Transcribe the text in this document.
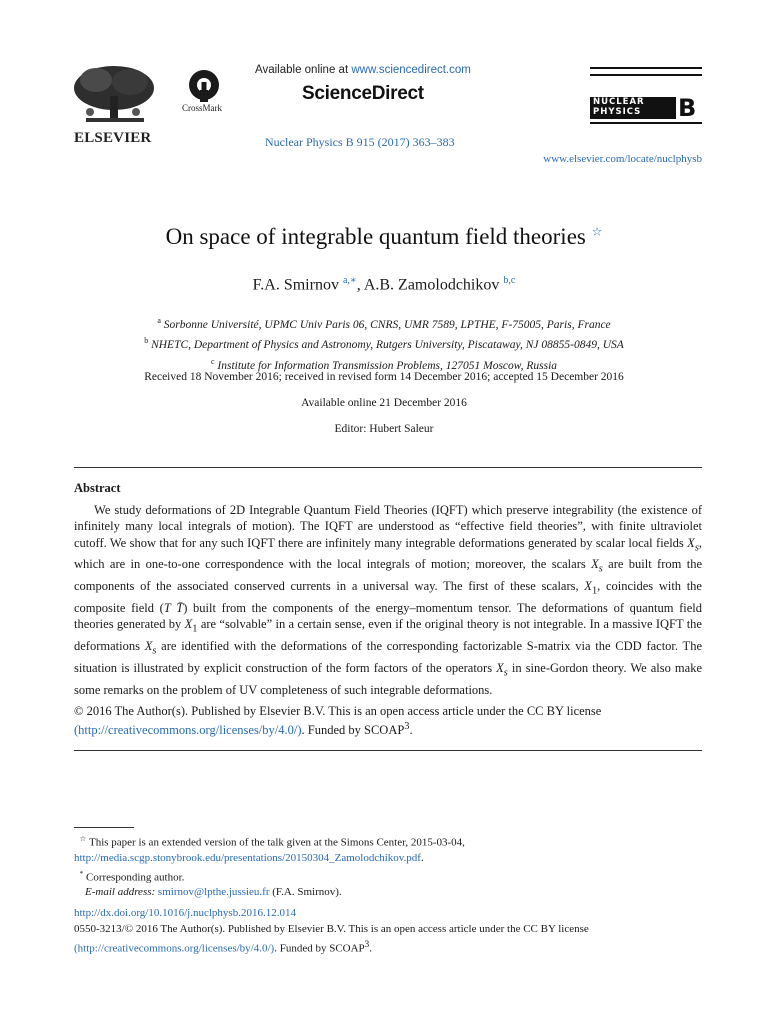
ELSEVIER
CrossMark
Available online at www.sciencedirect.com
ScienceDirect
Nuclear Physics B 915 (2017) 363–383
NUCLEAR
PHYSICS B
www.elsevier.com/locate/nuclphysb
On space of integrable quantum field theories ☆
F.A. Smirnov $^{a,∗}$, A.B. Zamolodchikov $^{b,c}$
$^a$ Sorbonne Université, UPMC Univ Paris 06, CNRS, UMR 7589, LPTHE, F-75005, Paris, France
$^b$ NHETC, Department of Physics and Astronomy, Rutgers University, Piscataway, NJ 08855-0849, USA
$^c$ Institute for Information Transmission Problems, 127051 Moscow, Russia
Received 18 November 2016; received in revised form 14 December 2016; accepted 15 December 2016
Available online 21 December 2016
Editor: Hubert Saleur
Abstract

We study deformations of 2D Integrable Quantum Field Theories (IQFT) which preserve integrability (the existence of infinitely many local integrals of motion). The IQFT are understood as “effective field theories”, with finite ultraviolet cutoff. We show that for any such IQFT there are infinitely many integrable deformations generated by scalar local fields $X_s$, which are in one-to-one correspondence with the local integrals of motion; moreover, the scalars $X_s$ are built from the components of the associated conserved currents in a universal way. The first of these scalars, $X_1$, coincides with the composite field (T T̄) built from the components of the energy–momentum tensor. The deformations of quantum field theories generated by $X_1$ are “solvable” in a certain sense, even if the original theory is not integrable. In a massive IQFT the deformations $X_s$ are identified with the deformations of the corresponding factorizable S-matrix via the CDD factor. The situation is illustrated by explicit construction of the form factors of the operators $X_s$ in sine-Gordon theory. We also make some remarks on the problem of UV completeness of such integrable deformations.

© 2016 The Author(s). Published by Elsevier B.V. This is an open access article under the CC BY license
(http://creativecommons.org/licenses/by/4.0/). Funded by SCOAP$^3$.

☆ This paper is an extended version of the talk given at the Simons Center, 2015-03-04, http://media.scgp.stonybrook.edu/presentations/20150304_Zamolodchikov.pdf.

* Corresponding author.

E-mail address: smirnov@lpthe.jussieu.fr (F.A. Smirnov).

http://dx.doi.org/10.1016/j.nuclphysb.2016.12.014

0550-3213/© 2016 The Author(s). Published by Elsevier B.V. This is an open access article under the CC BY license

(http://creativecommons.org/licenses/by/4.0/). Funded by SCOAP$^3$.
